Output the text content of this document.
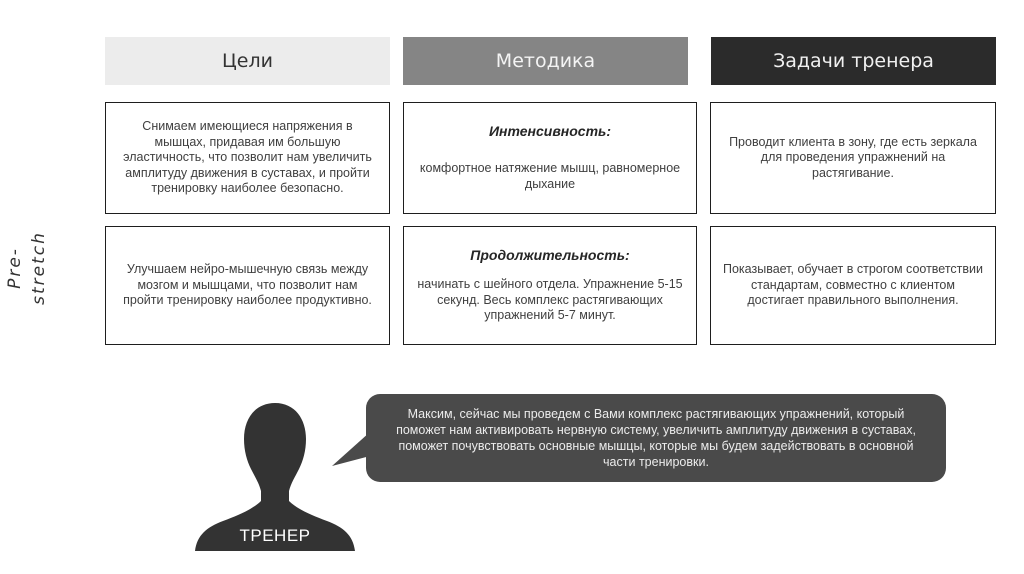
Pre-stretch
Цели	Методика	Задачи тренера
Снимаем имеющиеся напряжения в мышцах, придавая им большую эластичность, что позволит нам увеличить амплитуду движения в суставах, и пройти тренировку наиболее безопасно.
Интенсивность:
комфортное натяжение мышц, равномерное дыхание
Проводит клиента в зону, где есть зеркала для проведения упражнений на растягивание.
Улучшаем нейро-мышечную связь между мозгом и мышцами, что позволит нам пройти тренировку наиболее продуктивно.
Продолжительность:
начинать с шейного отдела. Упражнение 5-15 секунд. Весь комплекс растягивающих упражнений 5-7 минут.
Показывает, обучает в строгом соответствии стандартам, совместно с клиентом достигает правильного выполнения.
ТРЕНЕР
Максим, сейчас мы проведем с Вами комплекс растягивающих упражнений, который поможет нам активировать нервную систему, увеличить амплитуду движения в суставах, поможет почувствовать основные мышцы, которые мы будем задействовать в основной части тренировки.
